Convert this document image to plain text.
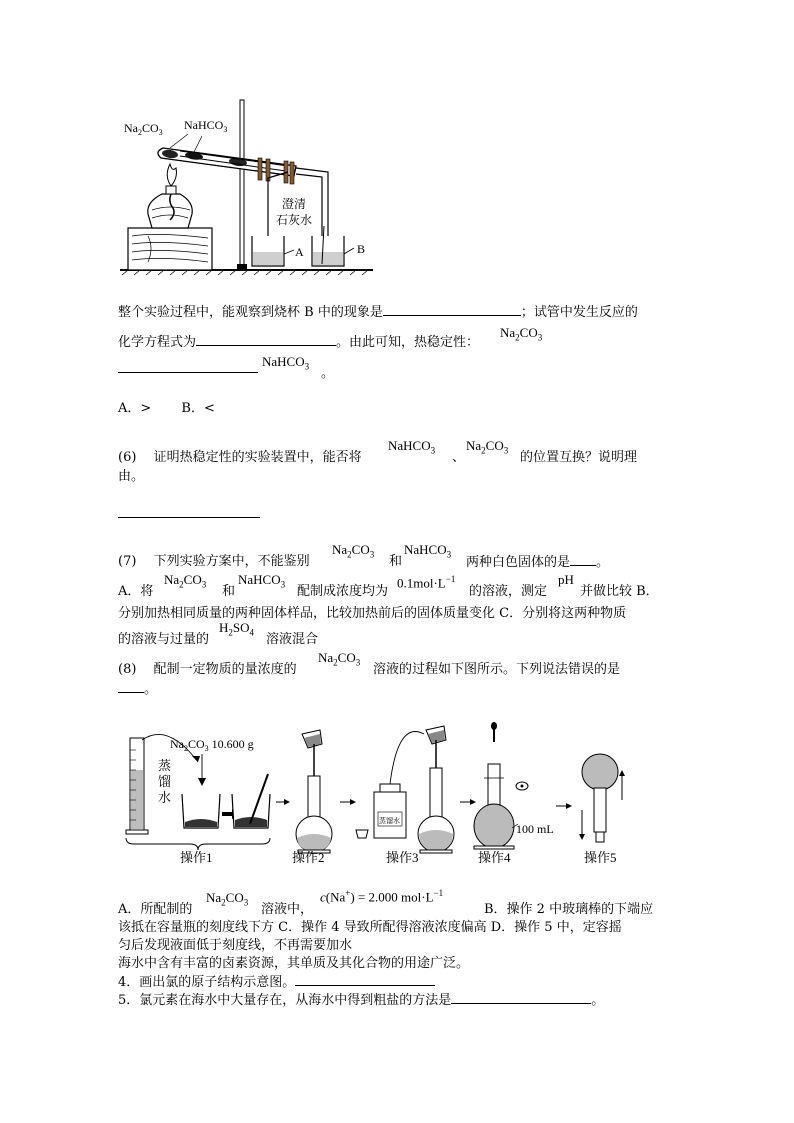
$Na_2CO_3$
NaHCO$_3$
澄清
石灰水
A	B
整个实验过程中，能观察到烧杯 B 中的现象是	；试管中发生反应的
$Na_2CO_3$
化学方程式为	。由此可知，热稳定性：
NaHCO$_3$ 。
A．>　　 B．<
(6)　 证明热稳定性的实验装置中，能否将
NaHCO$_3$ 、
$Na_2CO_3$ 的位置互换？说明理
由。
(7)　 下列实验方案中，不能鉴别
$Na_2CO_3$ 和
NaHCO$_3$
两种白色固体的是 。
A．将
$Na_2CO_3$ 和
NaHCO$_3$ 配制成浓度均为
$0.1mol\cdot L^{-1}$
的溶液，测定
pH
并做比较 B．
分别加热相同质量的两种固体样品，比较加热前后的固体质量变化 C．分别将这两种物质
的溶液与过量的
$H_2SO_4$ 溶液混合
(8)　 配制一定物质的量浓度的
$Na_2CO_3$ 溶液的过程如下图所示。下列说法错误的是
。
蒸
馏
水
$Na_2CO_3$ 10.600 g
操作1	操作2
蒸馏水
操作3
100 mL
操作4	操作5
A．所配制的
$Na_2CO_3$ 溶液中，
c(Na+) = 2.000 $mol\cdot L^{-1}$
B．操作 2 中玻璃棒的下端应
该抵在容量瓶的刻度线下方 C．操作 4 导致所配得溶液浓度偏高 D．操作 5 中，定容摇
匀后发现液面低于刻度线，不再需要加水
海水中含有丰富的卤素资源，其单质及其化合物的用途广泛。
4．画出氯的原子结构示意图。
5．氯元素在海水中大量存在，从海水中得到粗盐的方法是	。
